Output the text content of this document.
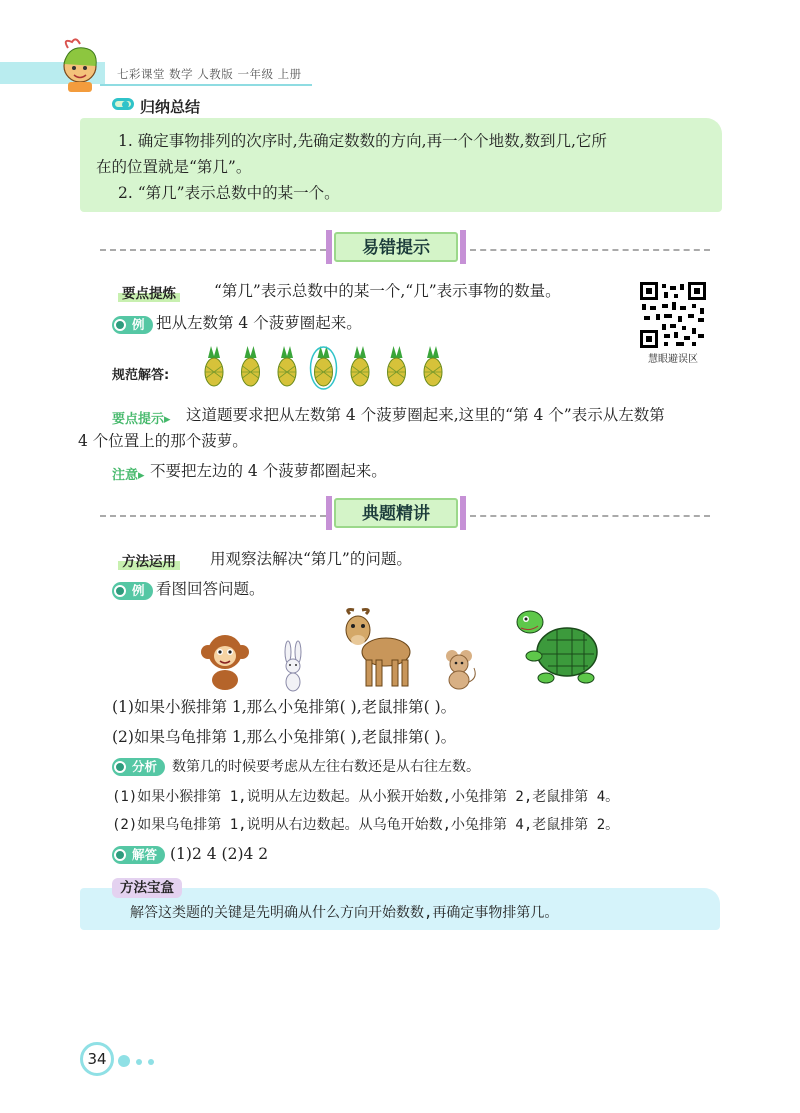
七彩课堂 数学 人教版 一年级 上册
归纳总结
1. 确定事物排列的次序时,先确定数数的方向,再一个个地数,数到几,它所
在的位置就是“第几”。
2. “第几”表示总数中的某一个。
易错提示
要点提炼 “第几”表示总数中的某一个,“几”表示事物的数量。
慧眼避误区
例 把从左数第 4 个菠萝圈起来。
规范解答:
要点提示▸ 这道题要求把从左数第 4 个菠萝圈起来,这里的“第 4 个”表示从左数第
4 个位置上的那个菠萝。
注意▸ 不要把左边的 4 个菠萝都圈起来。
典题精讲
方法运用 用观察法解决“第几”的问题。
例 看图回答问题。
(1)如果小猴排第 1,那么小兔排第( ),老鼠排第( )。
(2)如果乌龟排第 1,那么小兔排第( ),老鼠排第( )。
分析	数第几的时候要考虑从左往右数还是从右往左数。
(1)如果小猴排第 1,说明从左边数起。从小猴开始数,小兔排第 2,老鼠排第 4。
(2)如果乌龟排第 1,说明从右边数起。从乌龟开始数,小兔排第 4,老鼠排第 2。
解答 (1)2 4 (2)4 2
方法宝盒
解答这类题的关键是先明确从什么方向开始数数,再确定事物排第几。
34
